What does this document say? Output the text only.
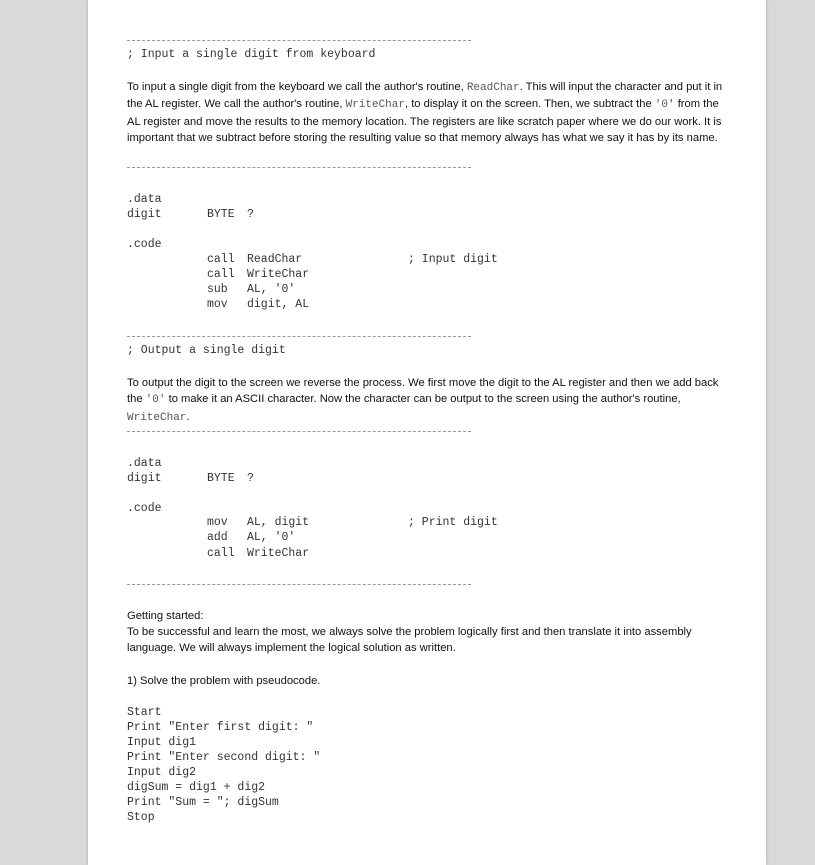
; Input a single digit from keyboard
To input a single digit from the keyboard we call the author's routine, ReadChar. This will input the character and put it in the AL register. We call the author's routine, WriteChar, to display it on the screen. Then, we subtract the '0' from the AL register and move the results to the memory location. The registers are like scratch paper where we do our work. It is important that we subtract before storing the resulting value so that memory always has what we say it has by its name.
.data
digit	BYTE ?
.code
call ReadChar	; Input digit
call WriteChar
sub AL, '0'
mov digit, AL
; Output a single digit
To output the digit to the screen we reverse the process. We first move the digit to the AL register and then we add back the '0' to make it an ASCII character. Now the character can be output to the screen using the author's routine, WriteChar.
.data
digit	BYTE ?
.code
mov AL, digit	; Print digit
add AL, '0'
call WriteChar
Getting started:
To be successful and learn the most, we always solve the problem logically first and then translate it into assembly language. We will always implement the logical solution as written.
1) Solve the problem with pseudocode.
Start
Print "Enter first digit: "
Input dig1
Print "Enter second digit: "
Input dig2
digSum = dig1 + dig2
Print "Sum = "; digSum
Stop
